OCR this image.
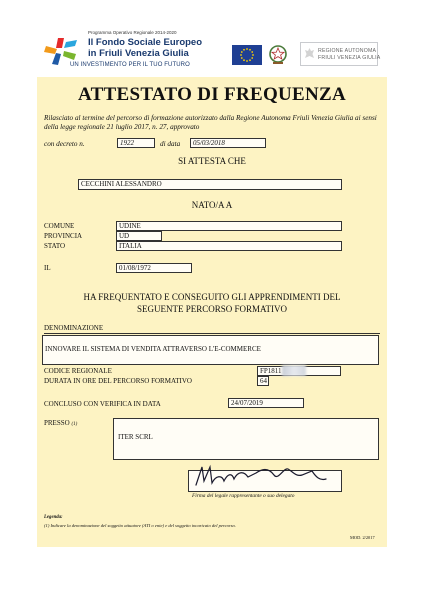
Programma Operativo Regionale 2014-2020
Il Fondo Sociale Europeo
in Friuli Venezia Giulia
UN INVESTIMENTO PER IL TUO FUTURO
REGIONE AUTONOMA
FRIULI VENEZIA GIULIA
ATTESTATO DI FREQUENZA
Rilasciato al termine del percorso di formazione autorizzato dalla Regione Autonoma Friuli Venezia Giulia ai sensi della legge regionale 21 luglio 2017, n. 27, approvato
con decreto n.	1922	di data	05/03/2018
SI ATTESTA CHE
CECCHINI ALESSANDRO
NATO/A A
COMUNE	UDINE
PROVINCIA	UD
STATO	ITALIA
IL	01/08/1972
HA FREQUENTATO E CONSEGUITO GLI APPRENDIMENTI DEL
SEGUENTE PERCORSO FORMATIVO
DENOMINAZIONE
INNOVARE IL SISTEMA DI VENDITA ATTRAVERSO L'E-COMMERCE
CODICE REGIONALE	FP1811
DURATA IN ORE DEL PERCORSO FORMATIVO	64
CONCLUSO CON VERIFICA IN DATA	24/07/2019
PRESSO (1)
ITER SCRL
Firma del legale rappresentante o suo delegato
Legenda:
(1) Indicare la denominazione del soggetto attuatore (ATI o ente) e del soggetto incaricato del percorso.
MOD. 2/2017
